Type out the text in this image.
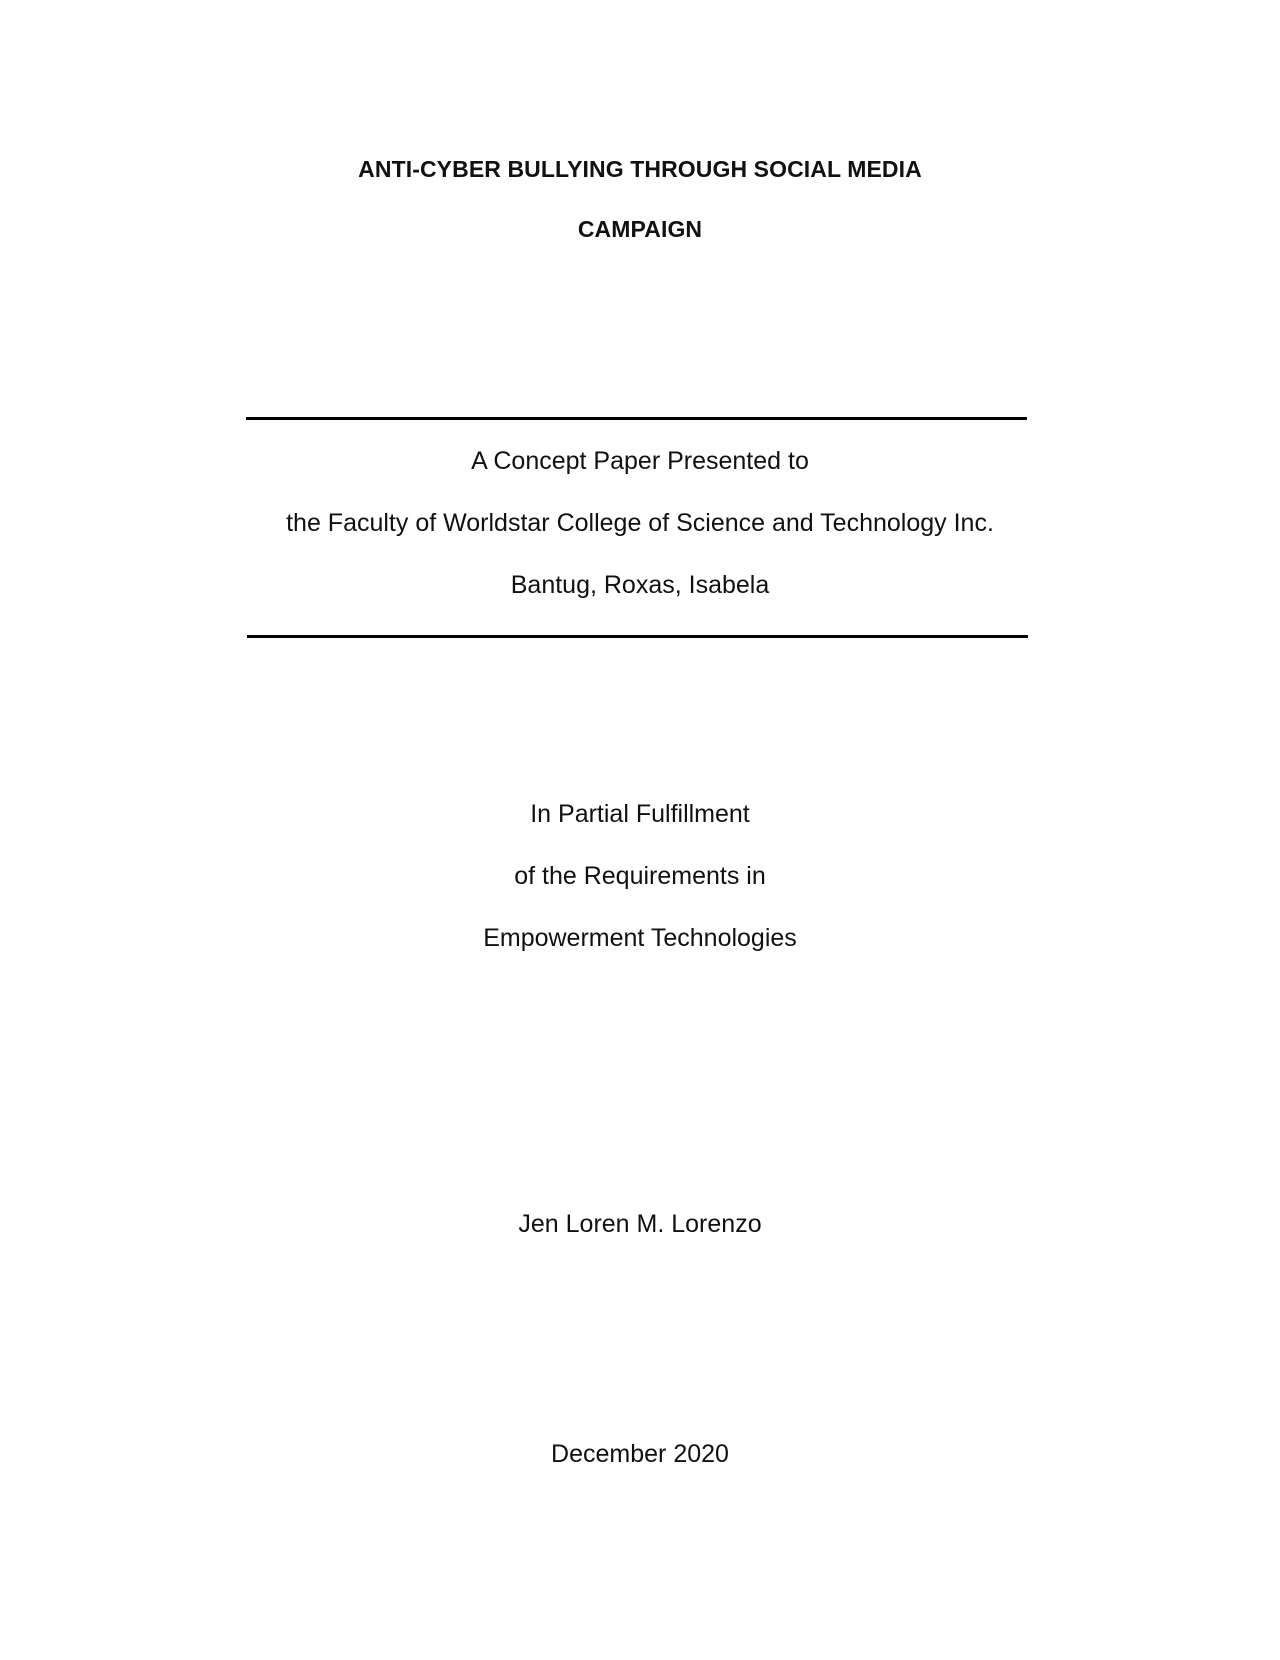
ANTI-CYBER BULLYING THROUGH SOCIAL MEDIA
CAMPAIGN
A Concept Paper Presented to
the Faculty of Worldstar College of Science and Technology Inc.
Bantug, Roxas, Isabela
In Partial Fulfillment
of the Requirements in
Empowerment Technologies
Jen Loren M. Lorenzo
December 2020
